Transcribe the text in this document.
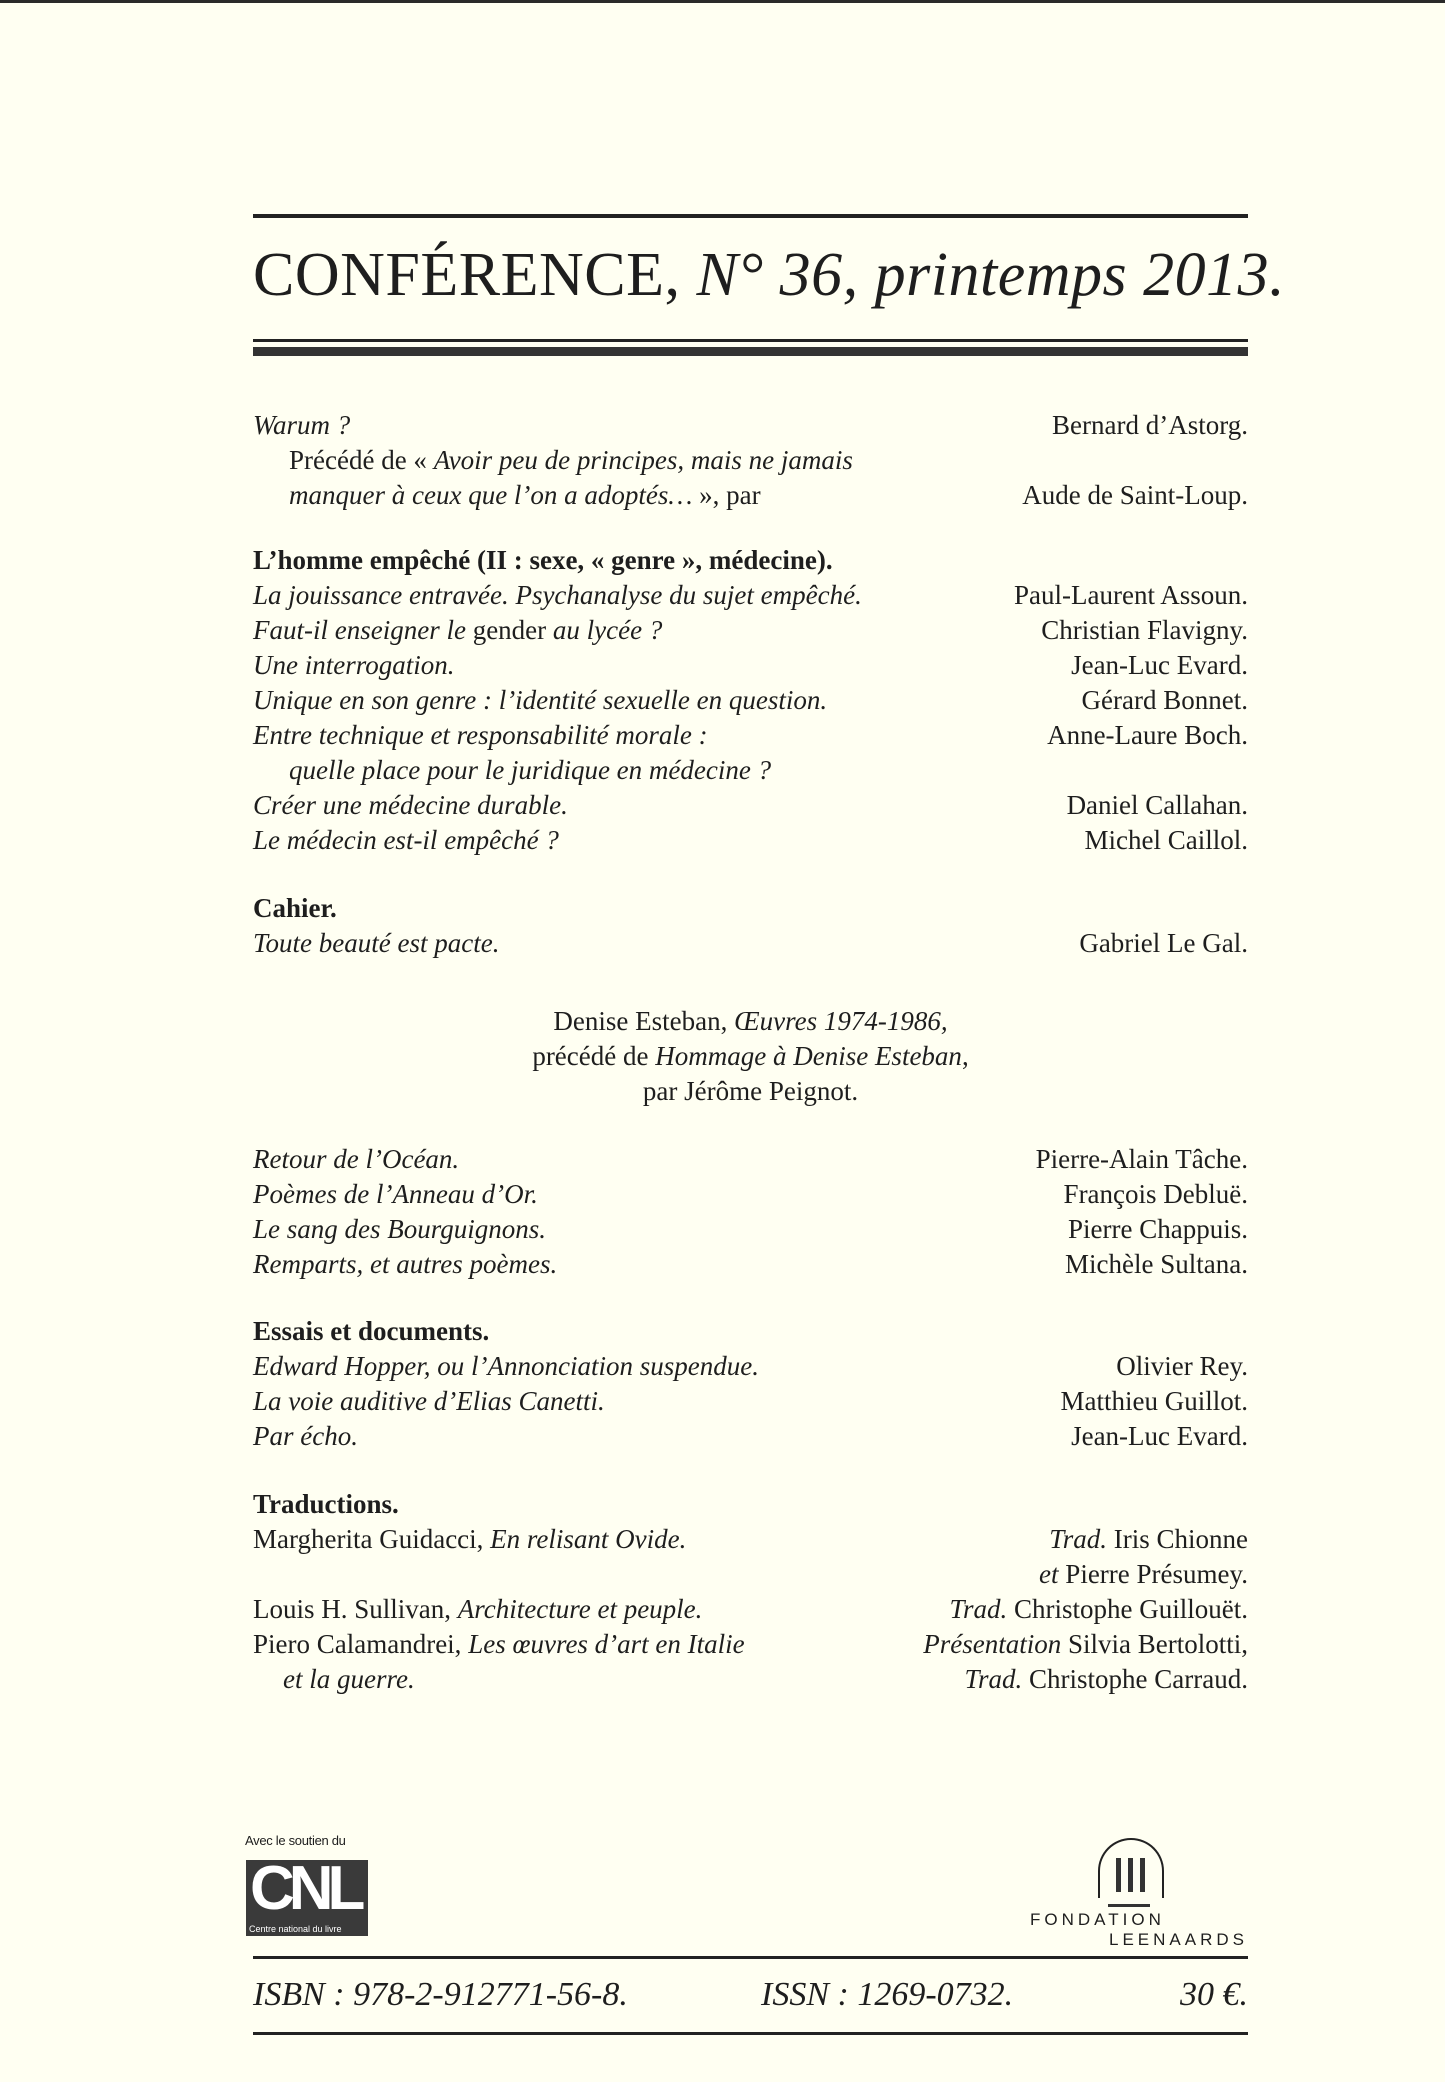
CONFÉRENCE, N° 36, printemps 2013.
Warum ?	Bernard d’Astorg.
Précédé de « Avoir peu de principes, mais ne jamais
manquer à ceux que l’on a adoptés… », par	Aude de Saint-Loup.
L’homme empêché (II : sexe, « genre », médecine).
La jouissance entravée. Psychanalyse du sujet empêché.	Paul-Laurent Assoun.
Faut-il enseigner le gender au lycée ?	Christian Flavigny.
Une interrogation.	Jean-Luc Evard.
Unique en son genre : l’identité sexuelle en question.	Gérard Bonnet.
Entre technique et responsabilité morale :	Anne-Laure Boch.
quelle place pour le juridique en médecine ?
Créer une médecine durable.	Daniel Callahan.
Le médecin est-il empêché ?	Michel Caillol.
Cahier.
Toute beauté est pacte.	Gabriel Le Gal.
Denise Esteban, Œuvres 1974-1986,
précédé de Hommage à Denise Esteban,
par Jérôme Peignot.
Retour de l’Océan.	Pierre-Alain Tâche.
Poèmes de l’Anneau d’Or.	François Debluë.
Le sang des Bourguignons.	Pierre Chappuis.
Remparts, et autres poèmes.	Michèle Sultana.
Essais et documents.
Edward Hopper, ou l’Annonciation suspendue.	Olivier Rey.
La voie auditive d’Elias Canetti.	Matthieu Guillot.
Par écho.	Jean-Luc Evard.
Traductions.
Margherita Guidacci, En relisant Ovide.	Trad. Iris Chionne
et Pierre Présumey.
Louis H. Sullivan, Architecture et peuple.	Trad. Christophe Guillouët.
Piero Calamandrei, Les œuvres d’art en Italie	Présentation Silvia Bertolotti,
et la guerre.	Trad. Christophe Carraud.
Avec le soutien du
CNL
Centre national du livre	FONDATION
LEENAARDS
ISBN : 978-2-912771-56-8.	ISSN : 1269-0732.	30 €.
